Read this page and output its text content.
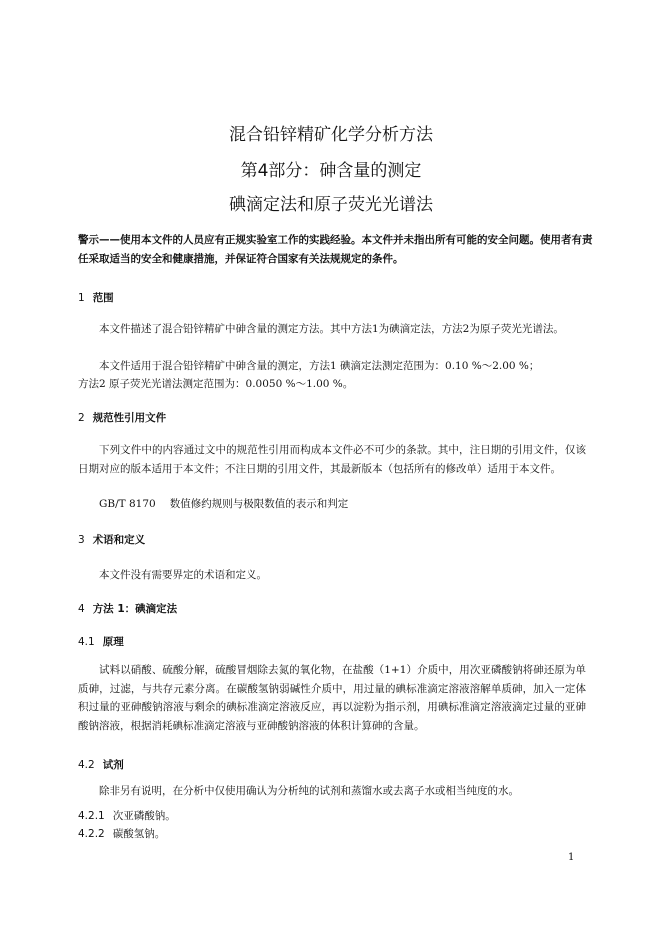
混合铅锌精矿化学分析方法
第4部分：砷含量的测定
碘滴定法和原子荧光光谱法
警示——使用本文件的人员应有正规实验室工作的实践经验。本文件并未指出所有可能的安全问题。使用者有责任采取适当的安全和健康措施，并保证符合国家有关法规规定的条件。
1 范围
本文件描述了混合铅锌精矿中砷含量的测定方法。其中方法1为碘滴定法，方法2为原子荧光光谱法。
本文件适用于混合铅锌精矿中砷含量的测定，方法1 碘滴定法测定范围为：0.10 %～2.00 %；
方法2 原子荧光光谱法测定范围为：0.0050 %～1.00 %。
2 规范性引用文件
下列文件中的内容通过文中的规范性引用而构成本文件必不可少的条款。其中，注日期的引用文件，仅该日期对应的版本适用于本文件；不注日期的引用文件，其最新版本（包括所有的修改单）适用于本文件。
GB/T 8170 数值修约规则与极限数值的表示和判定
3 术语和定义
本文件没有需要界定的术语和定义。
4 方法 1：碘滴定法
4.1 原理
试料以硝酸、硫酸分解，硫酸冒烟除去氮的氧化物，在盐酸（1+1）介质中，用次亚磷酸钠将砷还原为单质砷，过滤，与共存元素分离。在碳酸氢钠弱碱性介质中，用过量的碘标准滴定溶液溶解单质砷，加入一定体积过量的亚砷酸钠溶液与剩余的碘标准滴定溶液反应，再以淀粉为指示剂，用碘标准滴定溶液滴定过量的亚砷酸钠溶液，根据消耗碘标准滴定溶液与亚砷酸钠溶液的体积计算砷的含量。
4.2 试剂
除非另有说明，在分析中仅使用确认为分析纯的试剂和蒸馏水或去离子水或相当纯度的水。
4.2.1 次亚磷酸钠。
4.2.2 碳酸氢钠。
1
